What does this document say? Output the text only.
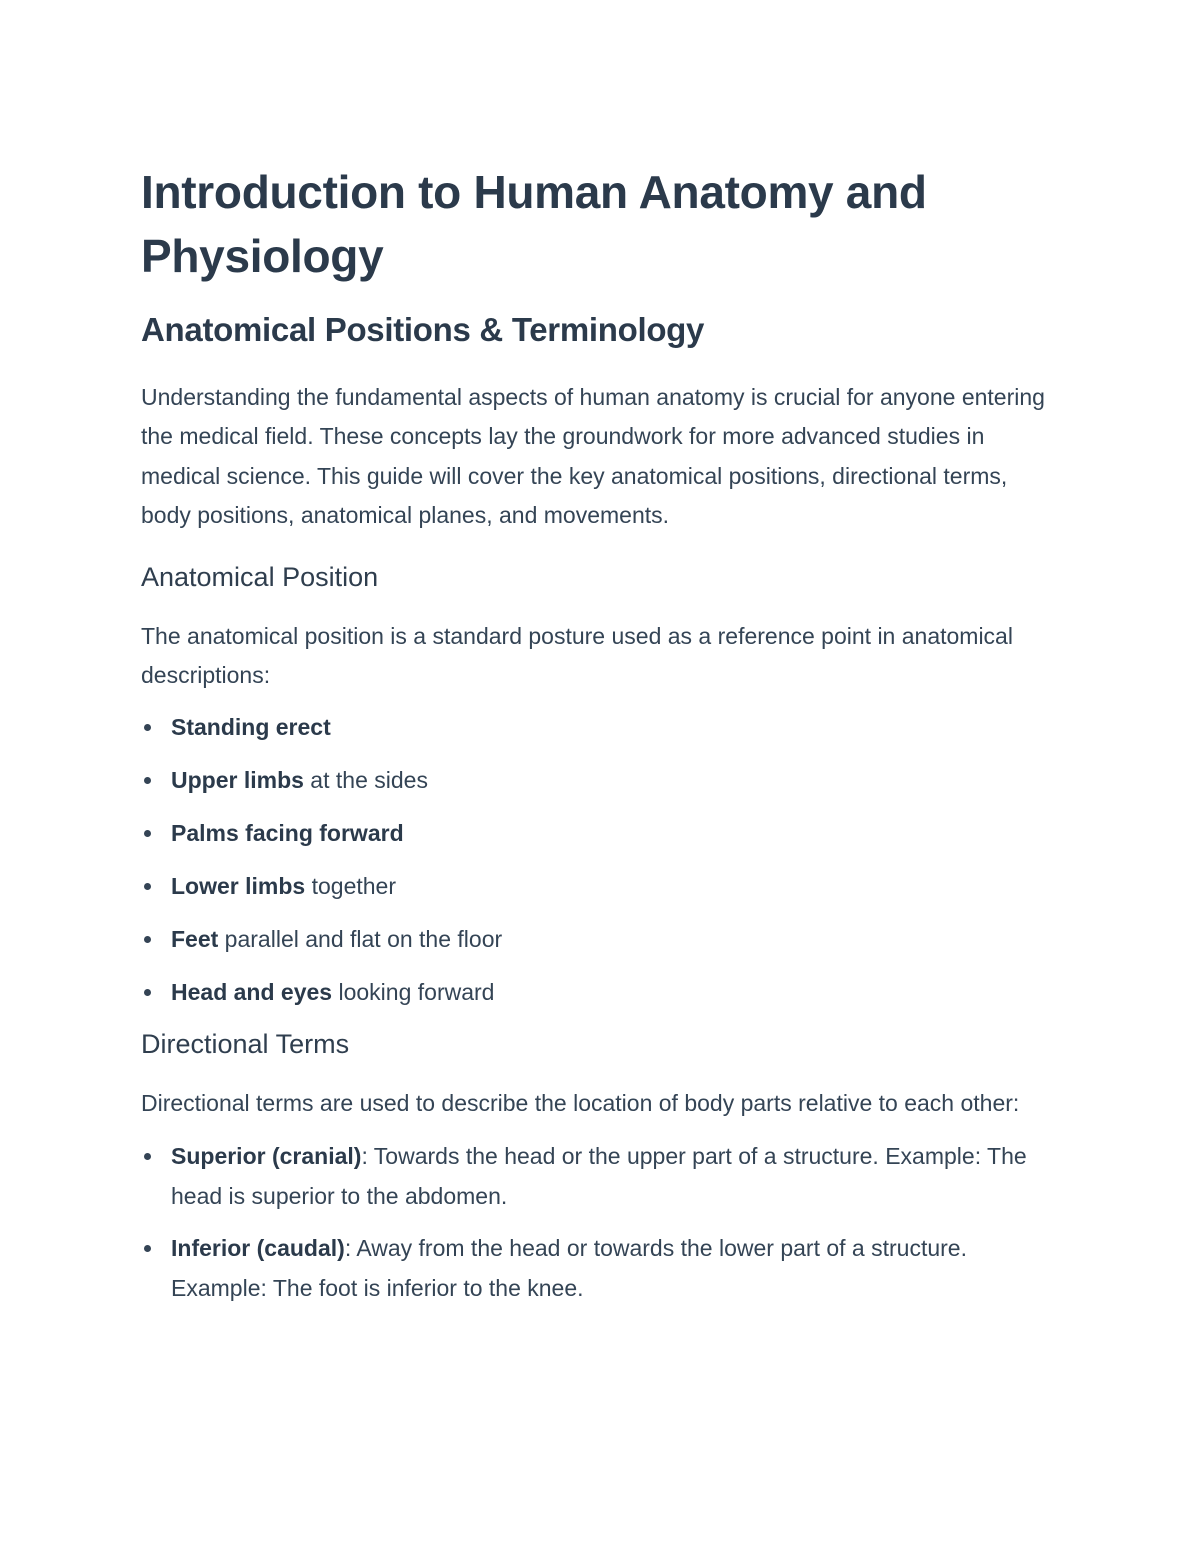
Introduction to Human Anatomy and Physiology
Anatomical Positions & Terminology

Understanding the fundamental aspects of human anatomy is crucial for anyone entering the medical field. These concepts lay the groundwork for more advanced studies in medical science. This guide will cover the key anatomical positions, directional terms, body positions, anatomical planes, and movements.

Anatomical Position

The anatomical position is a standard posture used as a reference point in anatomical descriptions:

Standing erect
Upper limbs at the sides
Palms facing forward
Lower limbs together
Feet parallel and flat on the floor
Head and eyes looking forward
Directional Terms

Directional terms are used to describe the location of body parts relative to each other:

Superior (cranial): Towards the head or the upper part of a structure. Example: The head is superior to the abdomen.
Inferior (caudal): Away from the head or towards the lower part of a structure. Example: The foot is inferior to the knee.
